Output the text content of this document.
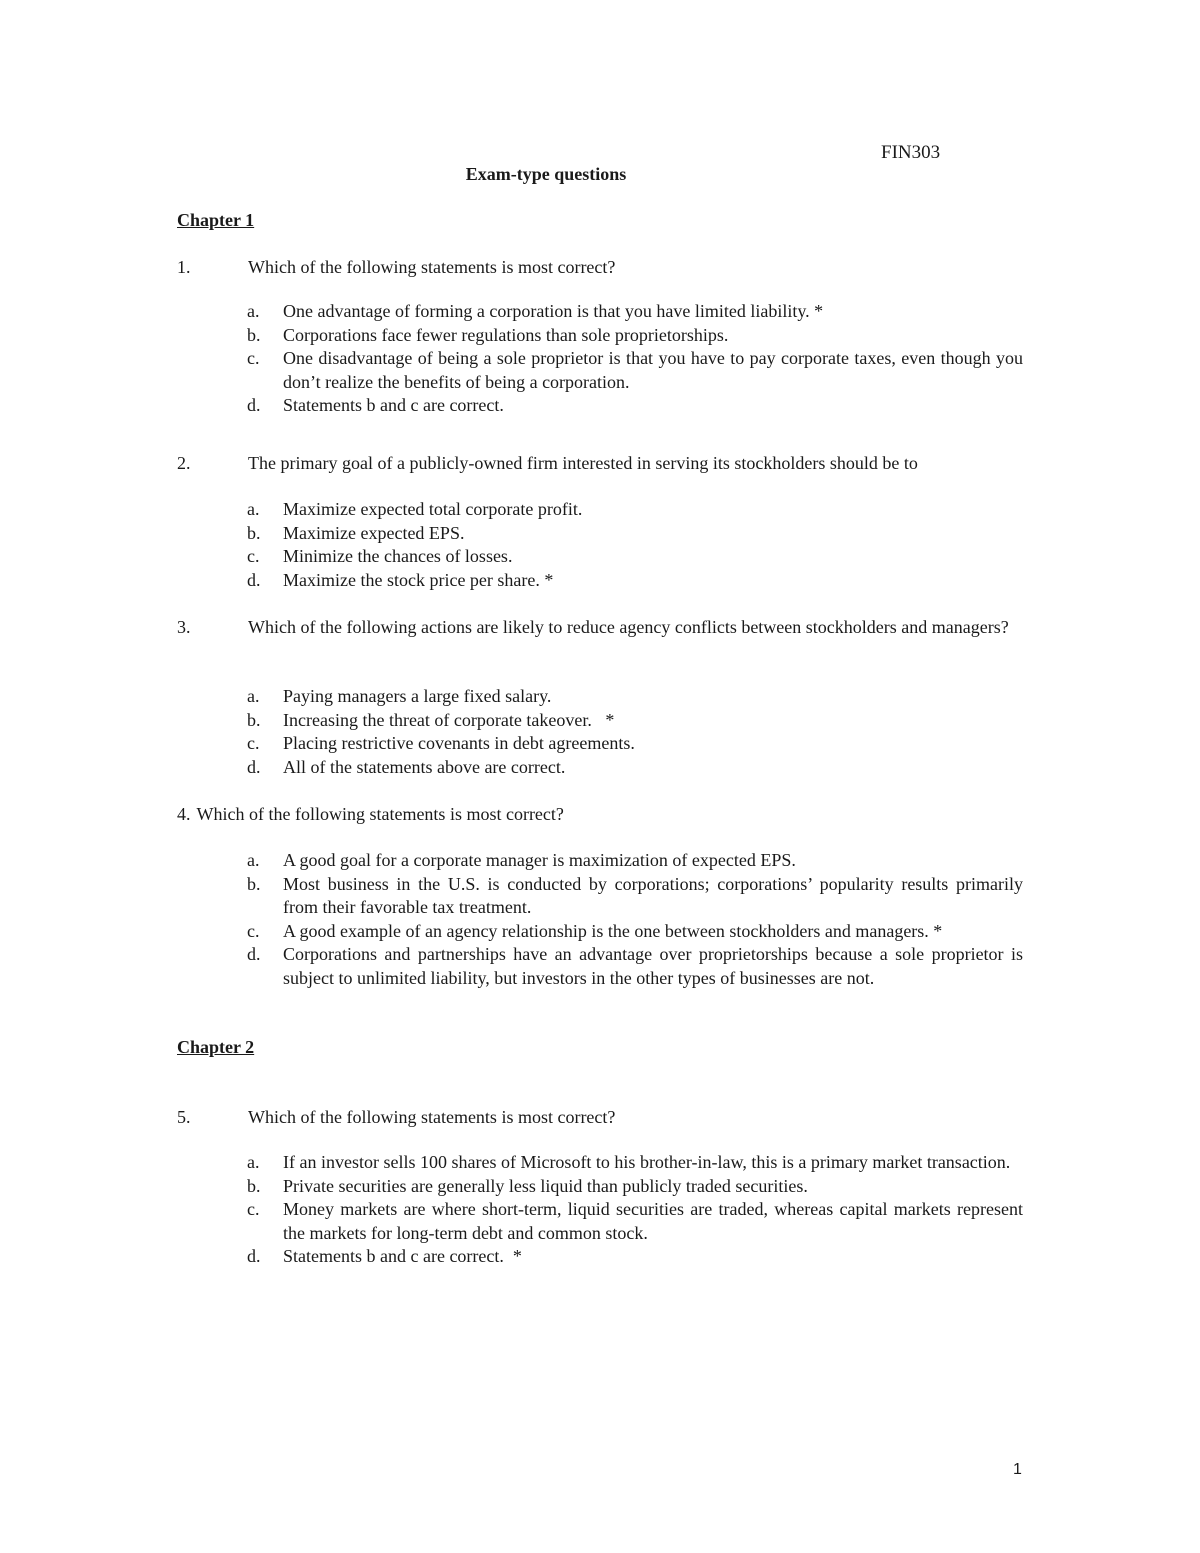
FIN303
Exam-type questions
Chapter 1
1.	Which of the following statements is most correct?
a.	One advantage of forming a corporation is that you have limited liability. *
b.	Corporations face fewer regulations than sole proprietorships.
c.	One disadvantage of being a sole proprietor is that you have to pay corporate taxes, even though you don’t realize the benefits of being a corporation.
d.	Statements b and c are correct.
2.	The primary goal of a publicly-owned firm interested in serving its stockholders should be to
a.	Maximize expected total corporate profit.
b.	Maximize expected EPS.
c.	Minimize the chances of losses.
d.	Maximize the stock price per share. *
3.	Which of the following actions are likely to reduce agency conflicts between stockholders and managers?
a.	Paying managers a large fixed salary.
b.	Increasing the threat of corporate takeover.   *
c.	Placing restrictive covenants in debt agreements.
d.	All of the statements above are correct.
4. Which of the following statements is most correct?
a.	A good goal for a corporate manager is maximization of expected EPS.
b.	Most business in the U.S. is conducted by corporations; corporations’ popularity results primarily from their favorable tax treatment.
c.	A good example of an agency relationship is the one between stockholders and managers. *
d.	Corporations and partnerships have an advantage over proprietorships because a sole proprietor is subject to unlimited liability, but investors in the other types of businesses are not.
Chapter 2
5.	Which of the following statements is most correct?
a.	If an investor sells 100 shares of Microsoft to his brother-in-law, this is a primary market transaction.
b.	Private securities are generally less liquid than publicly traded securities.
c.	Money markets are where short-term, liquid securities are traded, whereas capital markets represent the markets for long-term debt and common stock.
d.	Statements b and c are correct.  *
1
